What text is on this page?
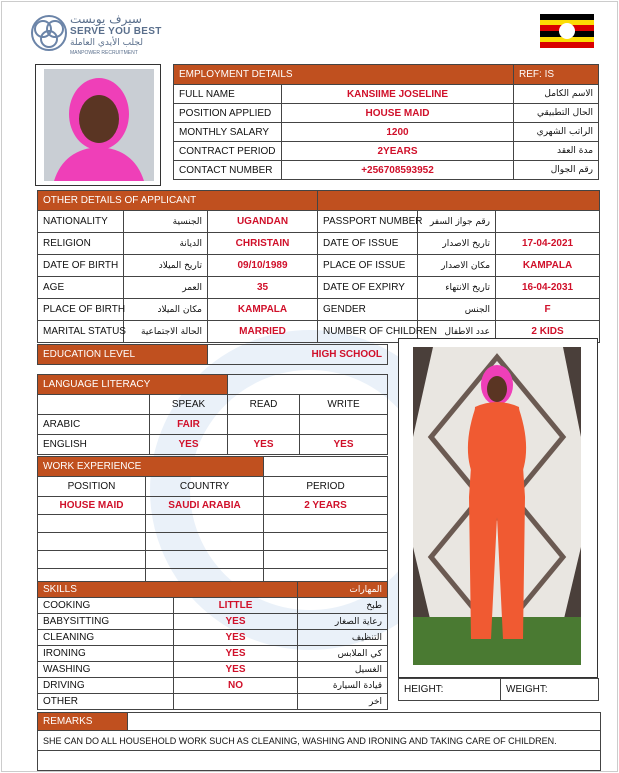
سيرف يوبست
SERVE YOU BEST
لجلب الأيدي العاملة
MANPOWER RECRUITMENT
EMPLOYMENT DETAILS		REF: IS
FULL NAME	KANSIIME JOSELINE	الاسم الكامل
POSITION APPLIED	HOUSE MAID	الحال التطبيقي
MONTHLY SALARY	1200	الراتب الشهري
CONTRACT PERIOD	2YEARS	مدة العقد
CONTACT NUMBER	+256708593952	رقم الجوال
OTHER DETAILS OF APPLICANT					
NATIONALITY	الجنسية	UGANDAN	PASSPORT NUMBER	رقم جواز السفر	
RELIGION	الديانة	CHRISTAIN	DATE OF ISSUE	تاريخ الاصدار	17-04-2021
DATE OF BIRTH	تاريخ الميلاد	09/10/1989	PLACE OF ISSUE	مكان الاصدار	KAMPALA
AGE	العمر	35	DATE OF EXPIRY	تاريخ الانتهاء	16-04-2031
PLACE OF BIRTH	مكان الميلاد	KAMPALA	GENDER	الجنس	F
MARITAL STATUS	الحالة الاجتماعية	MARRIED	NUMBER OF CHILDREN	عدد الاطفال	2 KIDS
EDUCATION LEVEL	HIGH SCHOOL
LANGUAGE LITERACY			
	SPEAK	READ	WRITE
ARABIC	FAIR		
ENGLISH	YES	YES	YES
WORK EXPERIENCE		
POSITION	COUNTRY	PERIOD
HOUSE MAID	SAUDI ARABIA	2 YEARS

SKILLS		المهارات
COOKING	LITTLE	طبخ
BABYSITTING	YES	رعاية الصغار
CLEANING	YES	التنظيف
IRONING	YES	كي الملابس
WASHING	YES	الغسيل
DRIVING	NO	قيادة السيارة
OTHER		اخر
HEIGHT:	WEIGHT:
REMARKS	
SHE CAN DO ALL HOUSEHOLD WORK SUCH AS CLEANING, WASHING AND IRONING AND TAKING CARE OF CHILDREN.
